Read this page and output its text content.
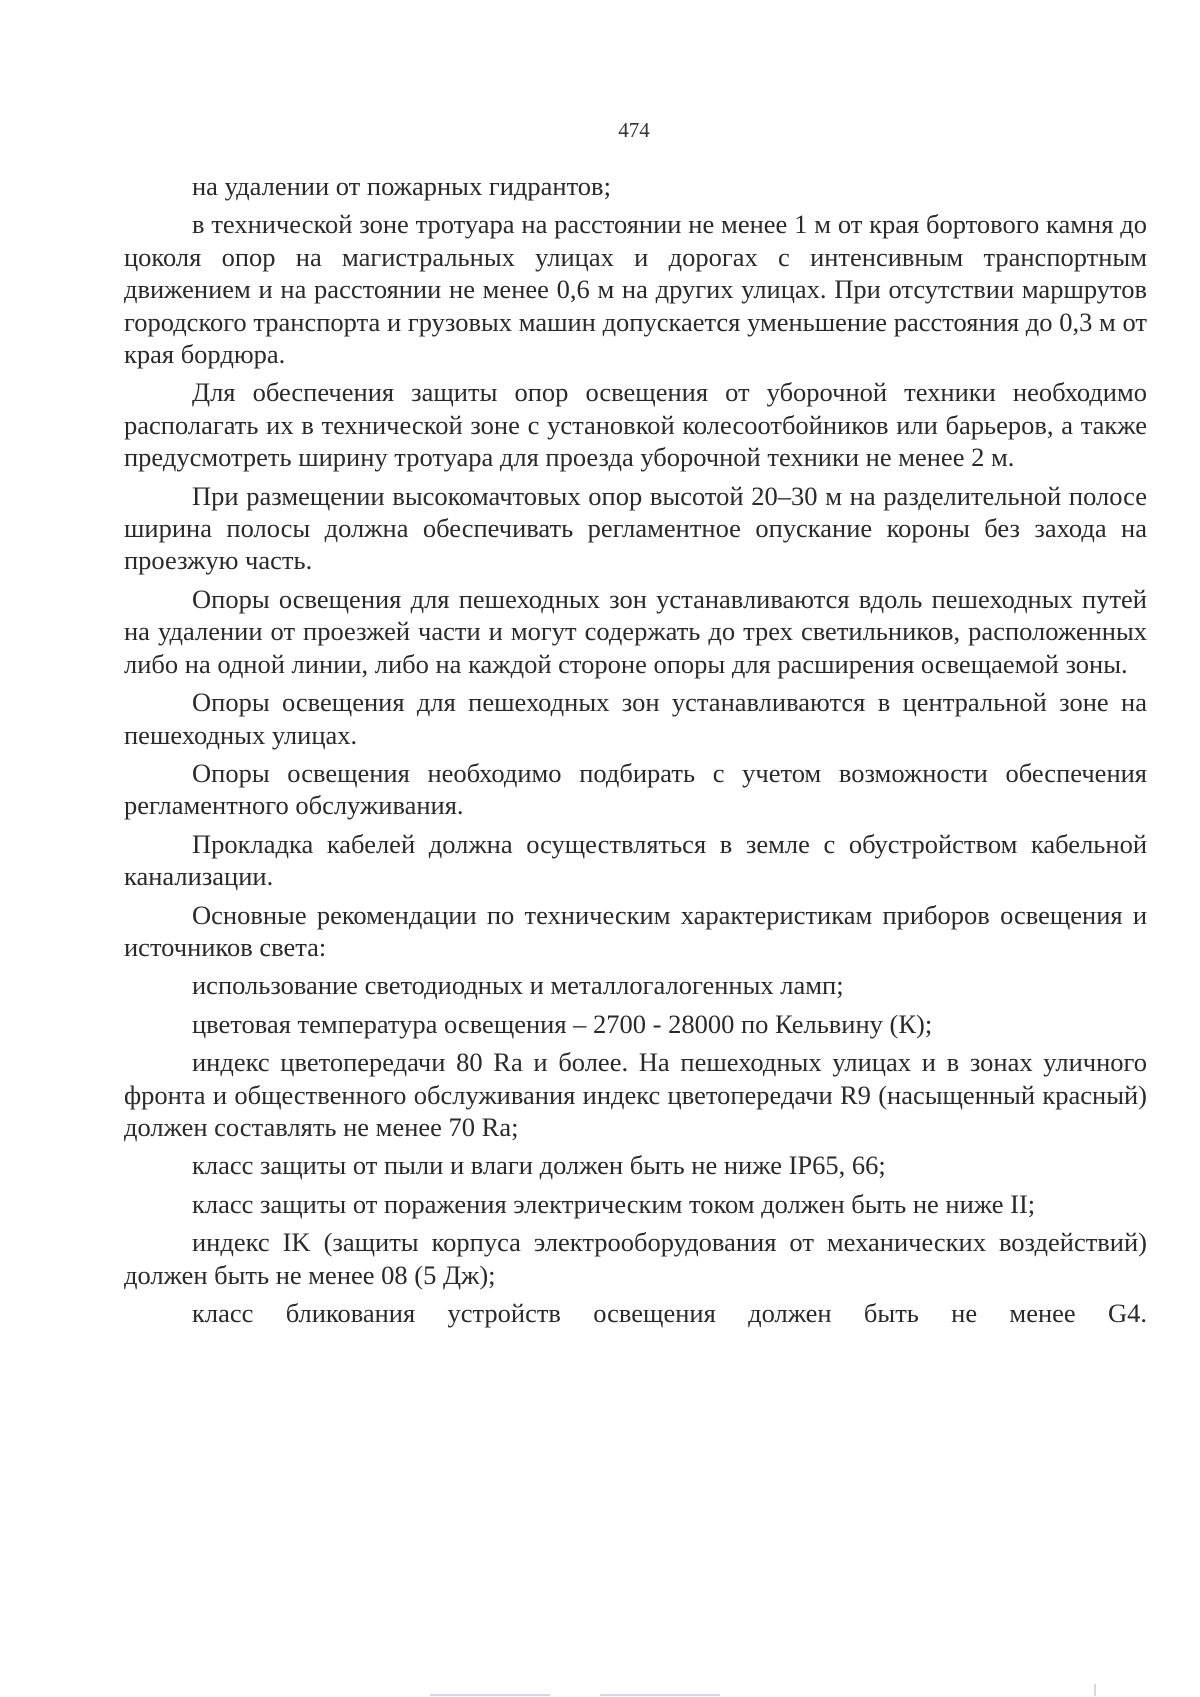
474

на удалении от пожарных гидрантов;

в технической зоне тротуара на расстоянии не менее 1 м от края бортового камня до цоколя опор на магистральных улицах и дорогах с интенсивным транспортным движением и на расстоянии не менее 0,6 м на других улицах. При отсутствии маршрутов городского транспорта и грузовых машин допускается уменьшение расстояния до 0,3 м от края бордюра.

Для обеспечения защиты опор освещения от уборочной техники необходимо располагать их в технической зоне с установкой колесоотбойников или барьеров, а также предусмотреть ширину тротуара для проезда уборочной техники не менее 2 м.

При размещении высокомачтовых опор высотой 20–30 м на разделительной полосе ширина полосы должна обеспечивать регламентное опускание короны без захода на проезжую часть.

Опоры освещения для пешеходных зон устанавливаются вдоль пешеходных путей на удалении от проезжей части и могут содержать до трех светильников, расположенных либо на одной линии, либо на каждой стороне опоры для расширения освещаемой зоны.

Опоры освещения для пешеходных зон устанавливаются в центральной зоне на пешеходных улицах.

Опоры освещения необходимо подбирать с учетом возможности обеспечения регламентного обслуживания.

Прокладка кабелей должна осуществляться в земле с обустройством кабельной канализации.

Основные рекомендации по техническим характеристикам приборов освещения и источников света:

использование светодиодных и металлогалогенных ламп;

цветовая температура освещения – 2700 - 28000 по Кельвину (К);

индекс цветопередачи 80 Ra и более. На пешеходных улицах и в зонах уличного фронта и общественного обслуживания индекс цветопередачи R9 (насыщенный красный) должен составлять не менее 70 Ra;

класс защиты от пыли и влаги должен быть не ниже IP65, 66;

класс защиты от поражения электрическим током должен быть не ниже II;

индекс IK (защиты корпуса электрооборудования от механических воздействий) должен быть не менее 08 (5 Дж);

класс бликования устройств освещения должен быть не менее G4.
